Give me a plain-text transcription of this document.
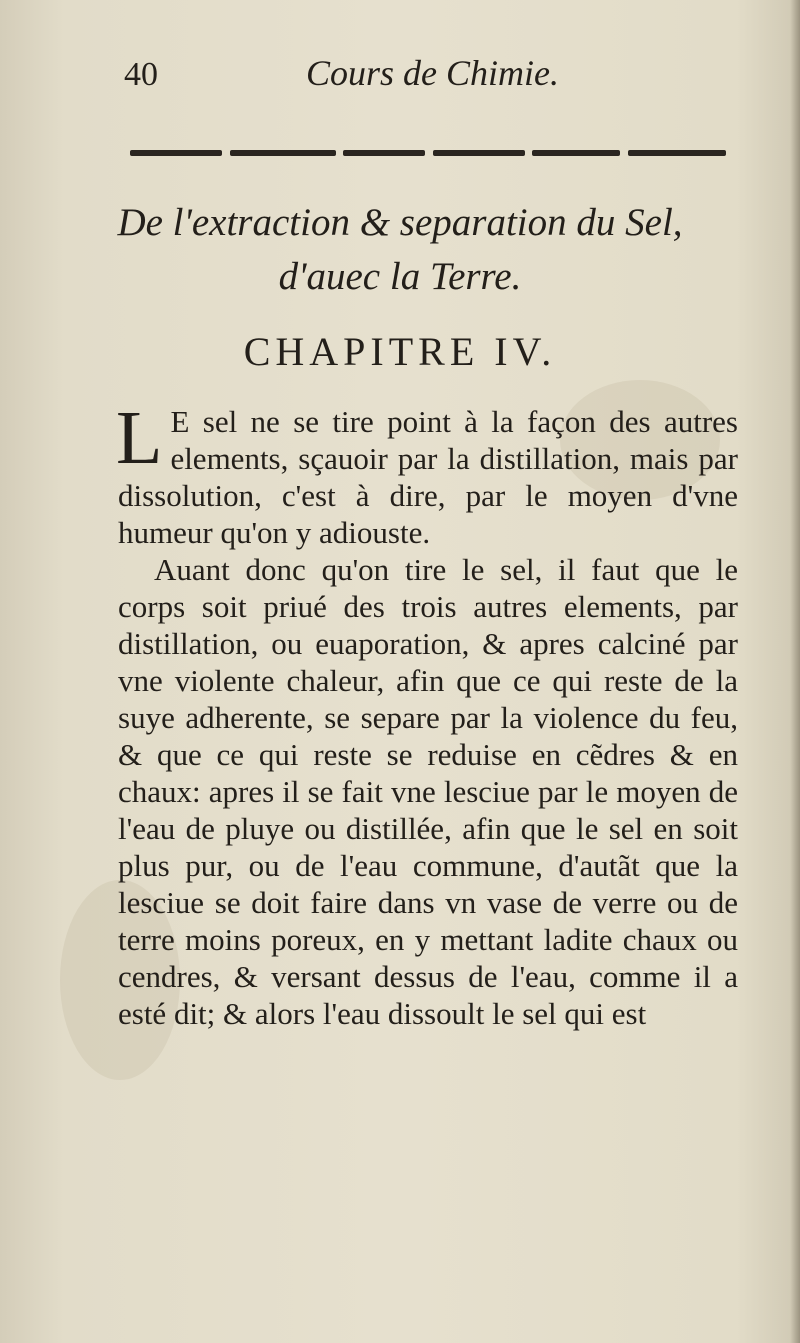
40	Cours de Chimie.
De l'extraction & separation du Sel,
d'auec la Terre.
CHAPITRE IV.

L E sel ne se tire point à la façon des autres elements, sçauoir par la distillation, mais par dissolution, c'est à dire, par le moyen d'vne humeur qu'on y adiouste.

Auant donc qu'on tire le sel, il faut que le corps soit priué des trois autres elements, par distillation, ou euaporation, & apres calciné par vne violente chaleur, afin que ce qui reste de la suye adherente, se separe par la violence du feu, & que ce qui reste se reduise en cẽdres & en chaux: apres il se fait vne lesciue par le moyen de l'eau de pluye ou distillée, afin que le sel en soit plus pur, ou de l'eau commune, d'autãt que la lesciue se doit faire dans vn vase de verre ou de terre moins poreux, en y mettant ladite chaux ou cendres, & versant dessus de l'eau, comme il a esté dit; & alors l'eau dissoult le sel qui est
